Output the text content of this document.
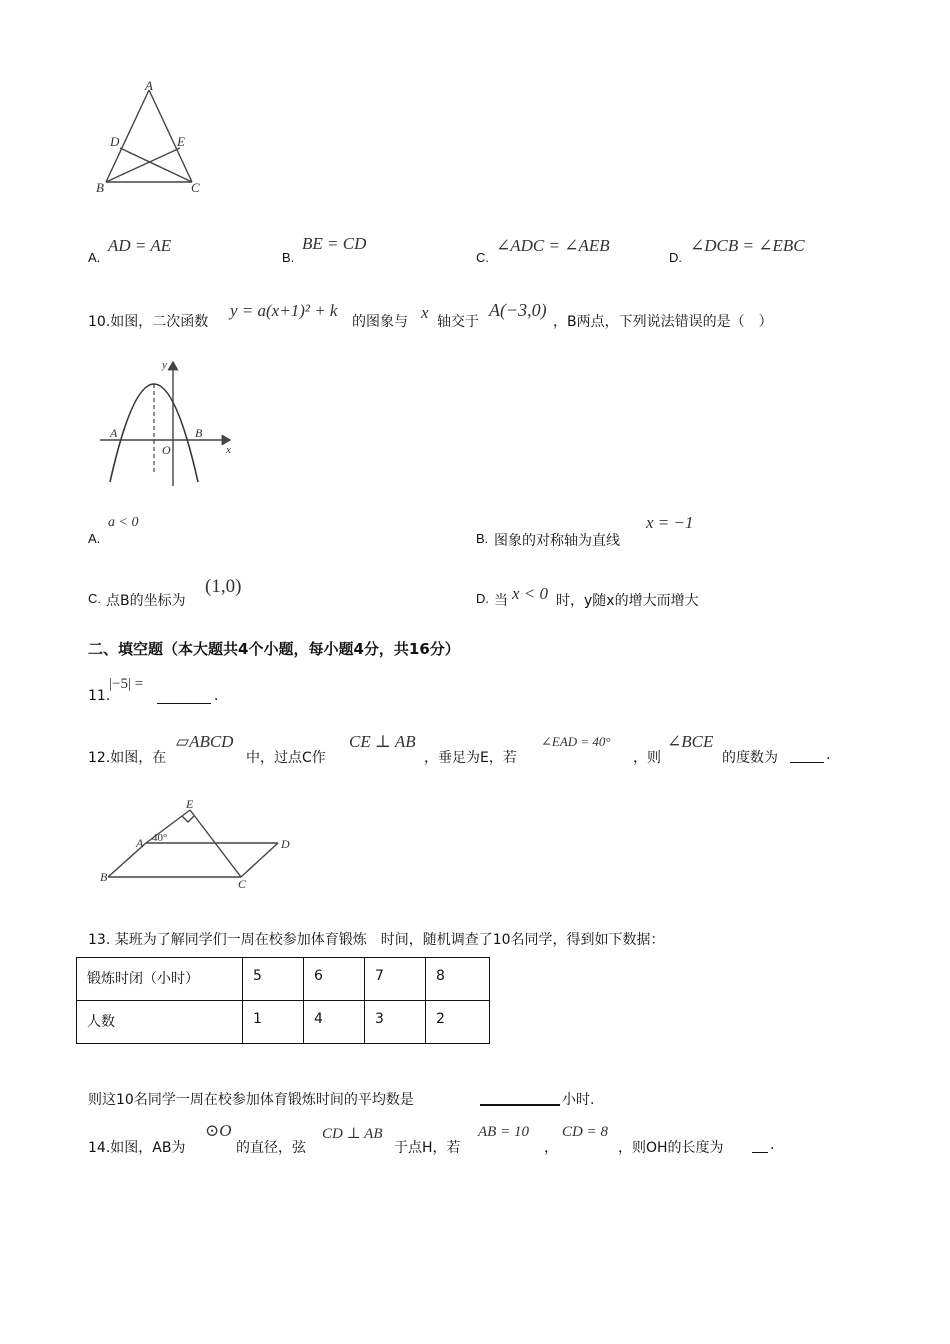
A
D	E
B	C
A.
AD = AE
B.
BE = CD
C.
∠ADC = ∠AEB
D.
∠DCB = ∠EBC
10.如图，二次函数
y = a(x+1)² + k
的图象与 x 轴交于
A(−3,0)
，B两点，下列说法错误的是（　）
y
x
A	B
O
A.
a < 0
B. 图象的对称轴为直线
x = −1
C. 点B的坐标为
(1,0)
D. 当 x < 0 时，y随x的增大而增大
二、填空题（本大题共4个小题，每小题4分，共16分）
11.
|−5| =
.
12.如图，在
▱ABCD
中，过点C作
CE ⊥ AB
，垂足为E，若
∠EAD = 40°
，则
∠BCE
的度数为	.
E
A 40°	D
B	C
13. 某班为了解同学们一周在校参加体育锻炼　时间，随机调查了10名同学，得到如下数据：
锻炼时闭（小时）	5	6	7	8
人数	1	4	3	2
则这10名同学一周在校参加体育锻炼时间的平均数是	小时.
14.如图，AB为
⊙O
的直径，弦
CD ⊥ AB
于点H，若
AB = 10
，
CD = 8
，则OH的长度为	.
